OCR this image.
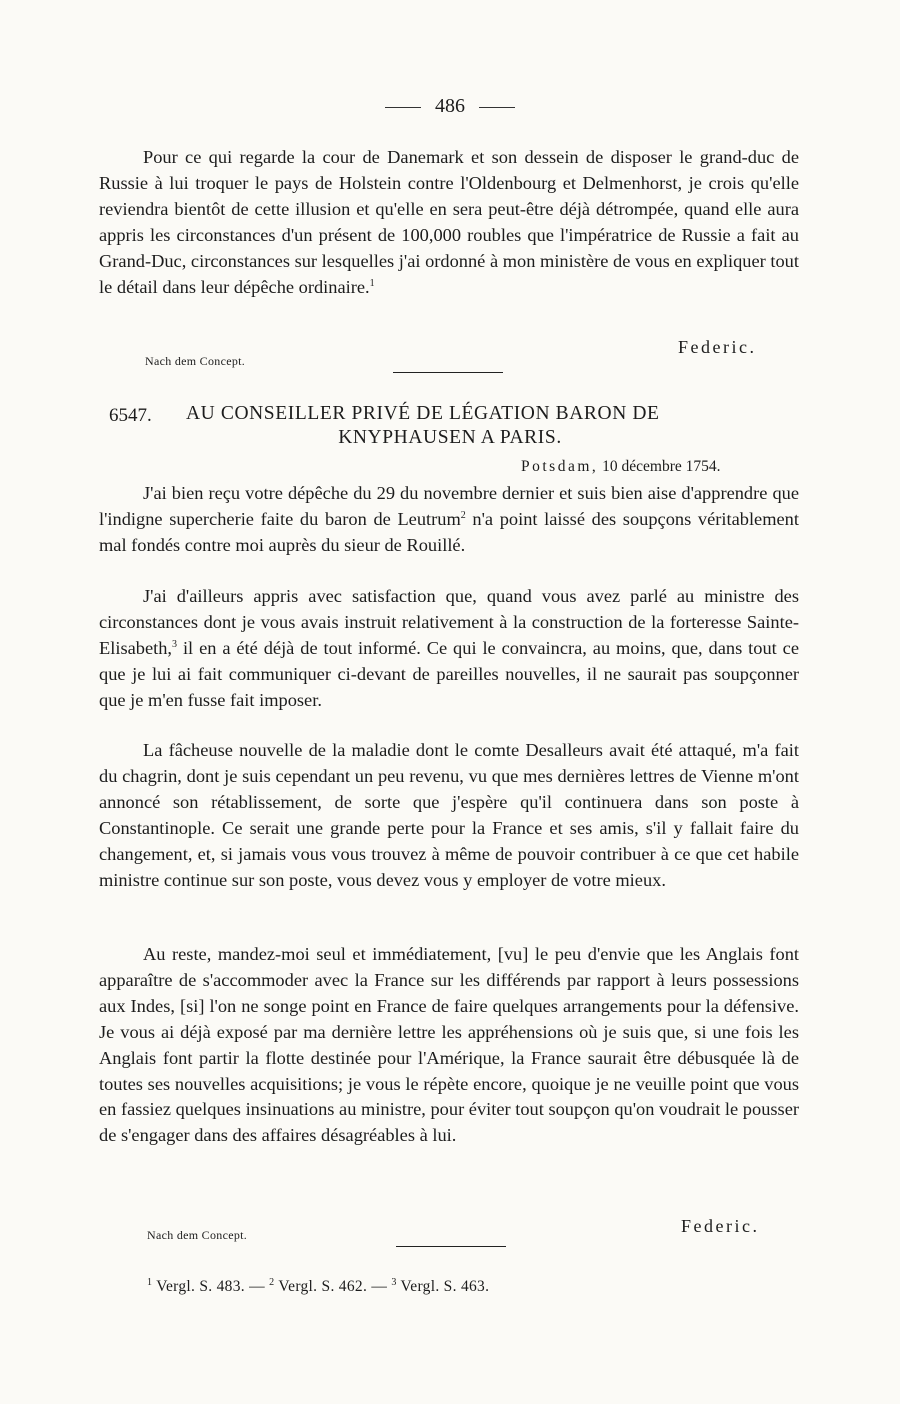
486
Pour ce qui regarde la cour de Danemark et son dessein de disposer le grand-duc de Russie à lui troquer le pays de Holstein contre l'Oldenbourg et Delmenhorst, je crois qu'elle reviendra bientôt de cette illusion et qu'elle en sera peut-être déjà détrompée, quand elle aura appris les circonstances d'un présent de 100,000 roubles que l'impératrice de Russie a fait au Grand-Duc, circonstances sur lesquelles j'ai ordonné à mon ministère de vous en expliquer tout le détail dans leur dépêche ordinaire.$^1$
Nach dem Concept.
Federic.
6547. AU CONSEILLER PRIVÉ DE LÉGATION BARON DE
KNYPHAUSEN A PARIS.
Potsdam, 10 décembre 1754.
J'ai bien reçu votre dépêche du 29 du novembre dernier et suis bien aise d'apprendre que l'indigne supercherie faite du baron de Leutrum$^2$ n'a point laissé des soupçons véritablement mal fondés contre moi auprès du sieur de Rouillé.
J'ai d'ailleurs appris avec satisfaction que, quand vous avez parlé au ministre des circonstances dont je vous avais instruit relativement à la construction de la forteresse Sainte-Elisabeth,$^3$ il en a été déjà de tout informé. Ce qui le convaincra, au moins, que, dans tout ce que je lui ai fait communiquer ci-devant de pareilles nouvelles, il ne saurait pas soupçonner que je m'en fusse fait imposer.
La fâcheuse nouvelle de la maladie dont le comte Desalleurs avait été attaqué, m'a fait du chagrin, dont je suis cependant un peu revenu, vu que mes dernières lettres de Vienne m'ont annoncé son rétablissement, de sorte que j'espère qu'il continuera dans son poste à Constantinople. Ce serait une grande perte pour la France et ses amis, s'il y fallait faire du changement, et, si jamais vous vous trouvez à même de pouvoir contribuer à ce que cet habile ministre continue sur son poste, vous devez vous y employer de votre mieux.
Au reste, mandez-moi seul et immédiatement, [vu] le peu d'envie que les Anglais font apparaître de s'accommoder avec la France sur les différends par rapport à leurs possessions aux Indes, [si] l'on ne songe point en France de faire quelques arrangements pour la défensive. Je vous ai déjà exposé par ma dernière lettre les appréhensions où je suis que, si une fois les Anglais font partir la flotte destinée pour l'Amérique, la France saurait être débusquée là de toutes ses nouvelles acquisitions; je vous le répète encore, quoique je ne veuille point que vous en fassiez quelques insinuations au ministre, pour éviter tout soupçon qu'on voudrait le pousser de s'engager dans des affaires désagréables à lui.
Nach dem Concept.	Federic.
$^1$ Vergl. S. 483. — $^2$ Vergl. S. 462. — $^3$ Vergl. S. 463.
